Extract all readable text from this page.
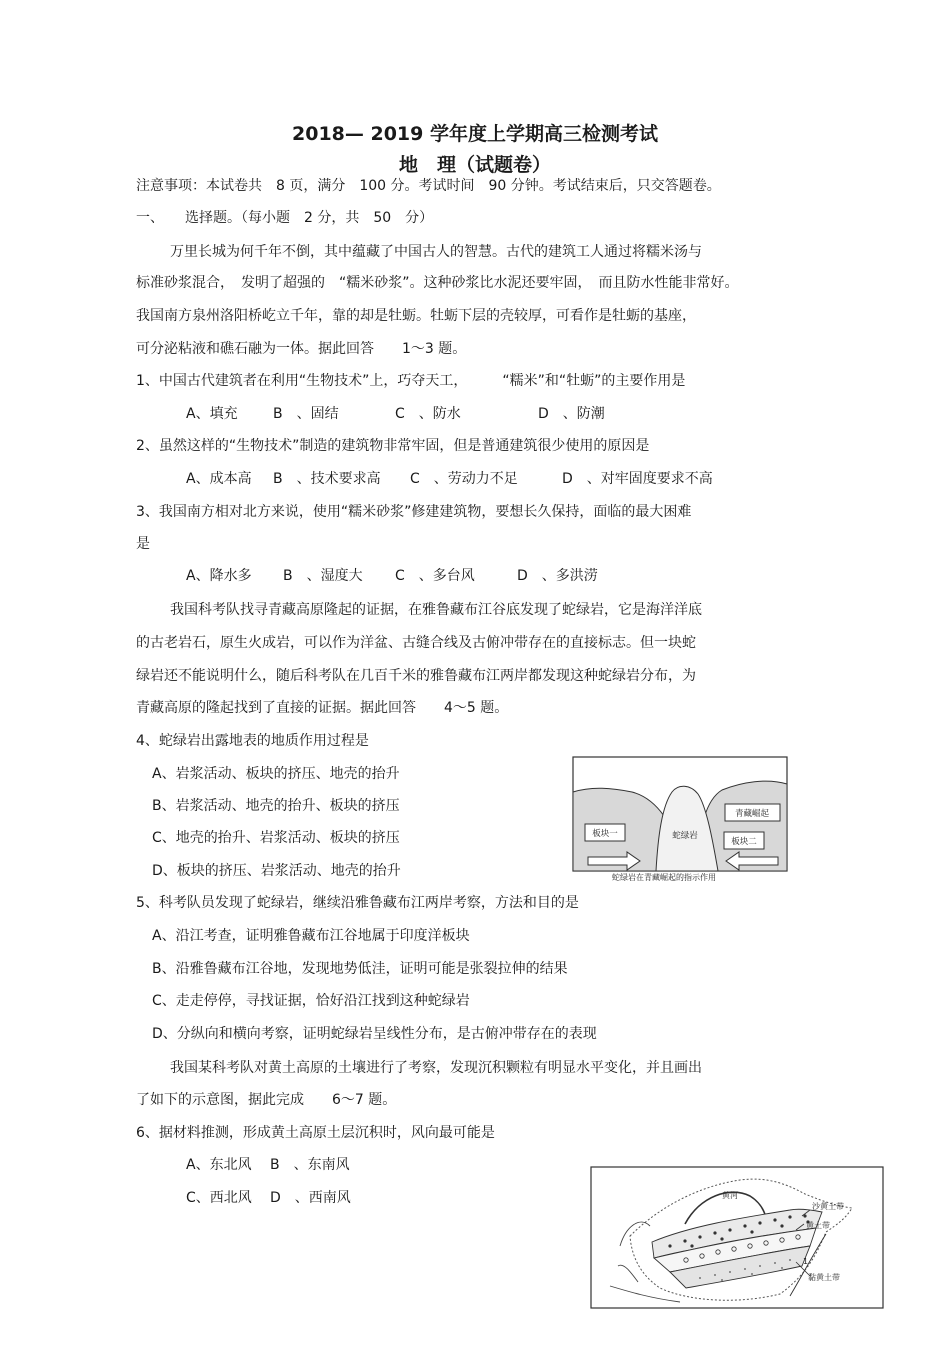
2018— 2019 学年度上学期高三检测考试
地　理（试题卷）
注意事项：本试卷共　8 页，满分　100 分。考试时间　90 分钟。考试结束后，只交答题卷。
一、　　选择题。（每小题　2 分，共　50　分）
万里长城为何千年不倒，其中蕴藏了中国古人的智慧。古代的建筑工人通过将糯米汤与
标准砂浆混合，　发明了超强的　“糯米砂浆”。这种砂浆比水泥还要牢固，　而且防水性能非常好。
我国南方泉州洛阳桥屹立千年，靠的却是牡蛎。牡蛎下层的壳较厚，可看作是牡蛎的基座，
可分泌粘液和礁石融为一体。据此回答　　1～3 题。
1、中国古代建筑者在利用“生物技术”上，巧夺天工，　　　“糯米”和“牡蛎”的主要作用是
A、填充	B　、固结	C　、防水	D　、防潮
2、虽然这样的“生物技术”制造的建筑物非常牢固，但是普通建筑很少使用的原因是
A、成本高 B　、技术要求高 C　、劳动力不足	D　、对牢固度要求不高
3、我国南方相对北方来说，使用“糯米砂浆”修建建筑物，要想长久保持，面临的最大困难
是
A、降水多 B　、湿度大 C　、多台风	D　、多洪涝
我国科考队找寻青藏高原隆起的证据，在雅鲁藏布江谷底发现了蛇绿岩，它是海洋洋底
的古老岩石，原生火成岩，可以作为洋盆、古缝合线及古俯冲带存在的直接标志。但一块蛇
绿岩还不能说明什么，随后科考队在几百千米的雅鲁藏布江两岸都发现这种蛇绿岩分布，为
青藏高原的隆起找到了直接的证据。据此回答　　4～5 题。
4、蛇绿岩出露地表的地质作用过程是
A、岩浆活动、板块的挤压、地壳的抬升
B、岩浆活动、地壳的抬升、板块的挤压
C、地壳的抬升、岩浆活动、板块的挤压
D、板块的挤压、岩浆活动、地壳的抬升
板块一	蛇绿岩
青藏崛起
板块二
蛇绿岩在青藏崛起的指示作用
5、科考队员发现了蛇绿岩，继续沿雅鲁藏布江两岸考察，方法和目的是
A、沿江考查，证明雅鲁藏布江谷地属于印度洋板块
B、沿雅鲁藏布江谷地，发现地势低洼，证明可能是张裂拉伸的结果
C、走走停停，寻找证据，恰好沿江找到这种蛇绿岩
D、分纵向和横向考察，证明蛇绿岩呈线性分布，是古俯冲带存在的表现
我国某科考队对黄土高原的土壤进行了考察，发现沉积颗粒有明显水平变化，并且画出
了如下的示意图，据此完成　　6～7 题。
6、据材料推测，形成黄土高原土层沉积时，风向最可能是
A、东北风 B　、东南风
C、西北风 D　、西南风	黄河
沙黄土带
黄土带
黏黄土带
1
